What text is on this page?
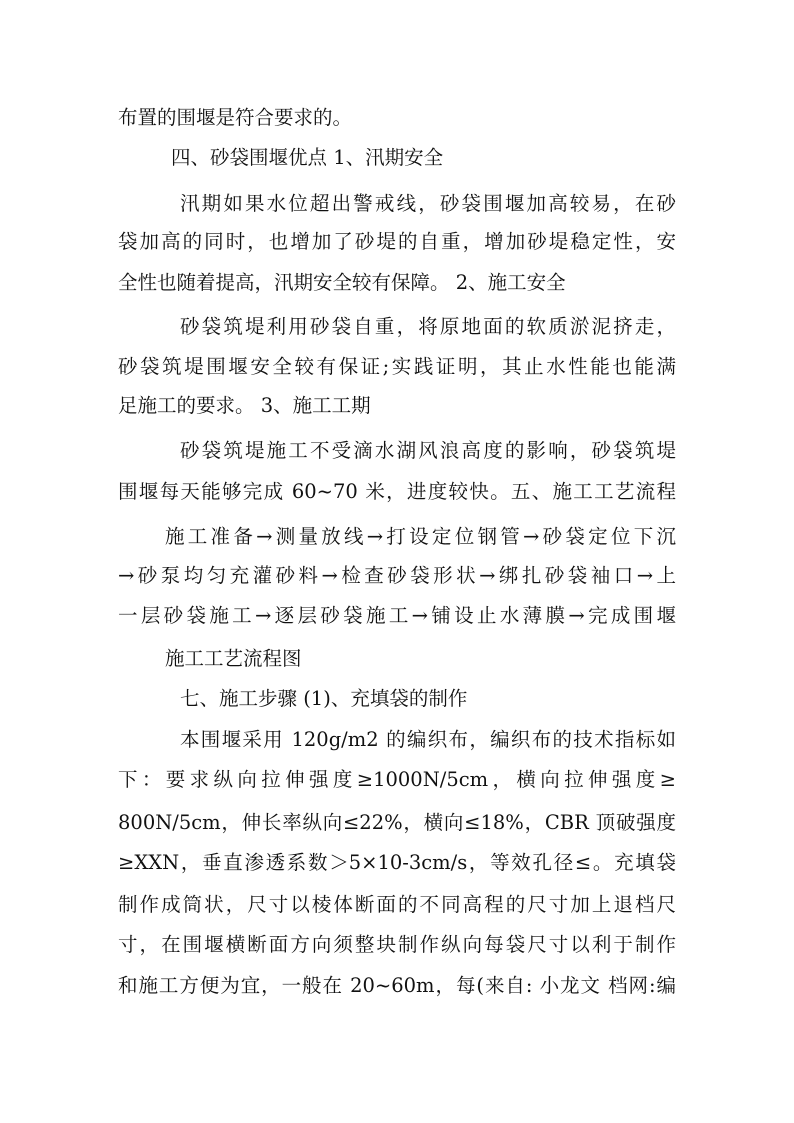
布置的围堰是符合要求的。

四、砂袋围堰优点 1、汛期安全

汛期如果水位超出警戒线，砂袋围堰加高较易，在砂

袋加高的同时，也增加了砂堤的自重，增加砂堤稳定性，安

全性也随着提高，汛期安全较有保障。 2、施工安全

砂袋筑堤利用砂袋自重，将原地面的软质淤泥挤走，

砂袋筑堤围堰安全较有保证;实践证明，其止水性能也能满

足施工的要求。 3、施工工期

砂袋筑堤施工不受滴水湖风浪高度的影响，砂袋筑堤

围堰每天能够完成 60~70 米，进度较快。五、施工工艺流程

施工准备→测量放线→打设定位钢管→砂袋定位下沉

→砂泵均匀充灌砂料→检查砂袋形状→绑扎砂袋袖口→上

一层砂袋施工→逐层砂袋施工→铺设止水薄膜→完成围堰

施工工艺流程图

七、施工步骤 (1)、充填袋的制作

本围堰采用 120g/m2 的编织布，编织布的技术指标如

下：要求纵向拉伸强度≥1000N/5cm，横向拉伸强度≥

800N/5cm，伸长率纵向≤22%，横向≤18%，CBR 顶破强度

≥XXN，垂直渗透系数＞5×10-3cm/s，等效孔径≤。充填袋

制作成筒状，尺寸以棱体断面的不同高程的尺寸加上退档尺

寸，在围堰横断面方向须整块制作纵向每袋尺寸以利于制作

和施工方便为宜，一般在 20~60m，每(来自: 小龙文 档网:编
